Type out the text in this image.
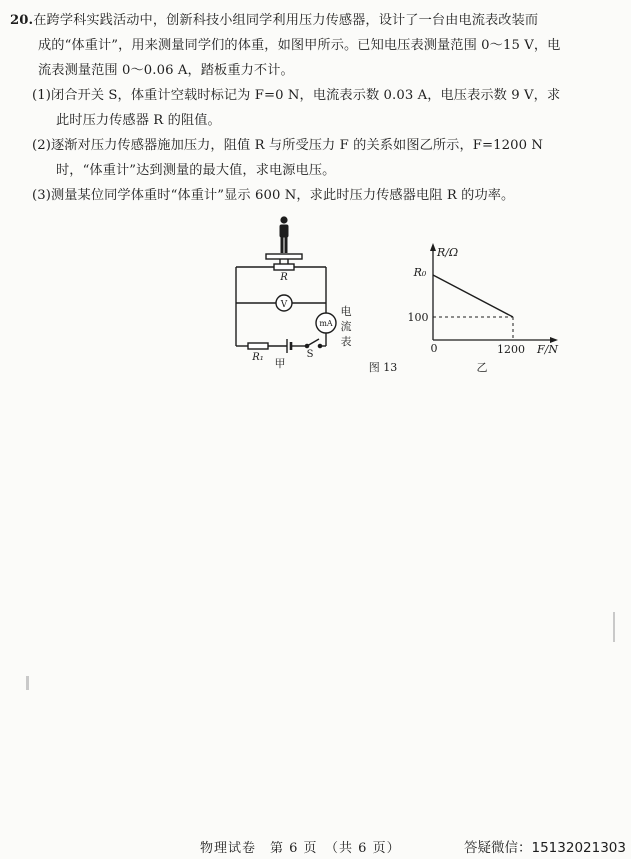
20.在跨学科实践活动中，创新科技小组同学利用压力传感器，设计了一台由电流表改装而

成的“体重计”，用来测量同学们的体重，如图甲所示。已知电压表测量范围 0～15 V，电

流表测量范围 0～0.06 A，踏板重力不计。

(1)闭合开关 S，体重计空载时标记为 F=0 N，电流表示数 0.03 A，电压表示数 9 V，求

此时压力传感器 R 的阻值。

(2)逐渐对压力传感器施加压力，阻值 R 与所受压力 F 的关系如图乙所示，F=1200 N

时，“体重计”达到测量的最大值，求电源电压。

(3)测量某位同学体重时“体重计”显示 600 N，求此时压力传感器电阻 R 的功率。

R
V
mA
R₁	S
电
流
表
甲	图 13
R/Ω
F/N
R₀
100
0	1200
乙
物理试卷　第 6 页　（共 6 页）	答疑微信：15132021303
